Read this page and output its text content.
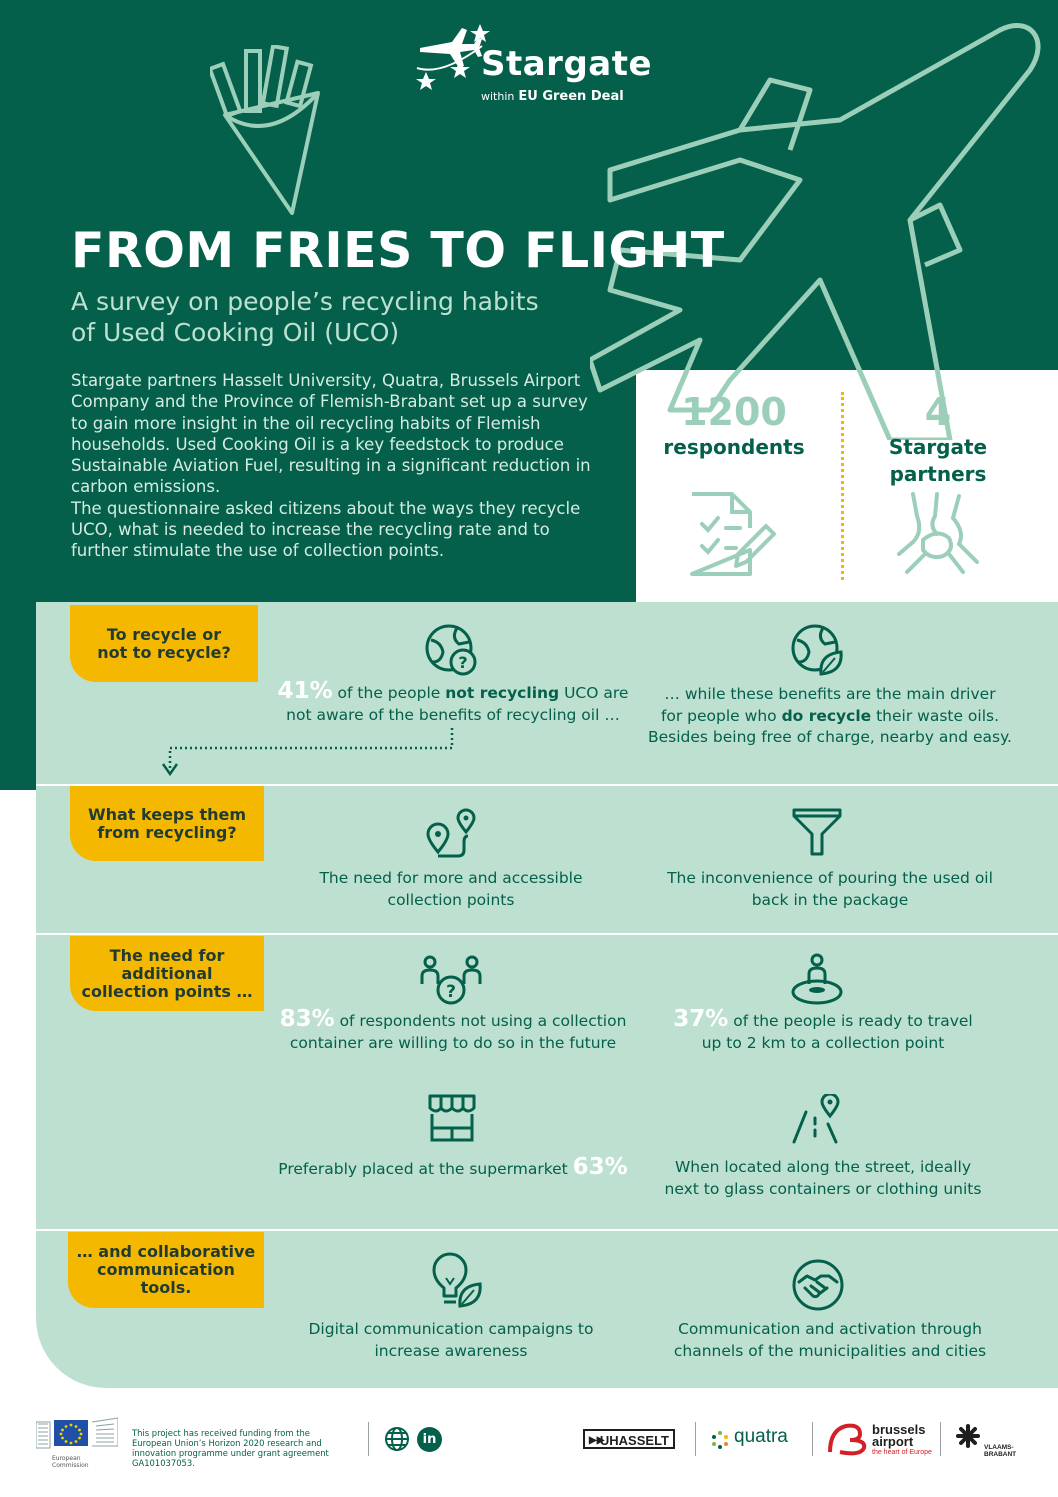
Stargate
within EU Green Deal
FROM FRIES TO FLIGHT
A survey on people’s recycling habits
of Used Cooking Oil (UCO)
Stargate partners Hasselt University, Quatra, Brussels Airport Company and the Province of Flemish-Brabant set up a survey to gain more insight in the oil recycling habits of Flemish households. Used Cooking Oil is a key feedstock to produce Sustainable Aviation Fuel, resulting in a significant reduction in carbon emissions.
The questionnaire asked citizens about the ways they recycle UCO, what is needed to increase the recycling rate and to further stimulate the use of collection points.
1200
respondents
4
Stargate
partners
To recycle or
not to recycle?
?
41% of the people not recycling UCO are
not aware of the benefits of recycling oil …
… while these benefits are the main driver
for people who do recycle their waste oils.
Besides being free of charge, nearby and easy.
What keeps them
from recycling?
The need for more and accessible
collection points
The inconvenience of pouring the used oil
back in the package
The need for
additional
collection points …	?
83% of respondents not using a collection
container are willing to do so in the future
37% of the people is ready to travel
up to 2 km to a collection point
Preferably placed at the supermarket 63%	When located along the street, ideally
next to glass containers or clothing units
… and collaborative
communication
tools.
Digital communication campaigns to
increase awareness
Communication and activation through
channels of the municipalities and cities
European
Commission
This project has received funding from the European Union’s Horizon 2020 research and innovation programme under grant agreement GA101037053.
in	▶▶
UHASSELT	quatra	brussels
airport
the heart of Europe
VLAAMS-
BRABANT
